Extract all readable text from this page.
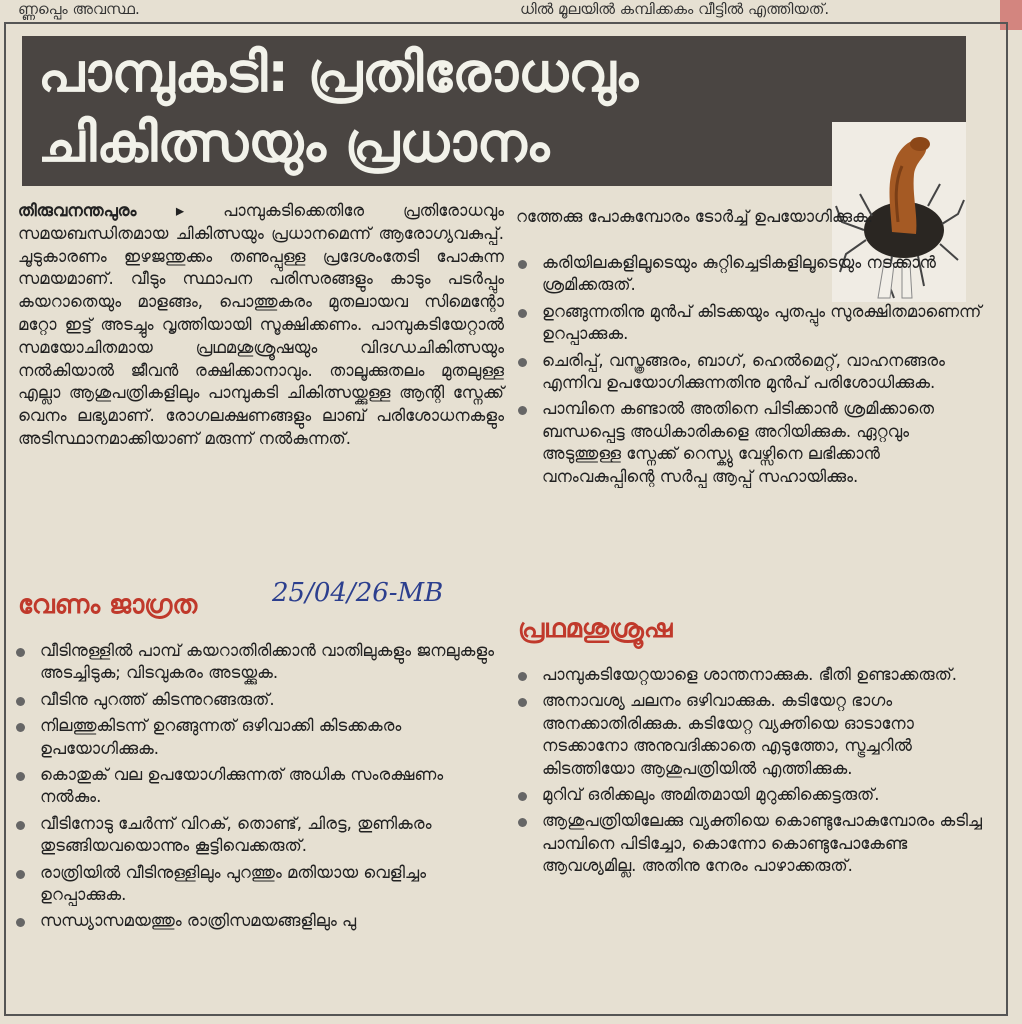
ണ്ണപ്പെം അവസ്ഥ.	ധിൽ മൂലയിൽ കമ്പിക്കകം വീട്ടിൽ എത്തിയത്.
പാമ്പുകടി: പ്രതിരോധവും
ചികിത്സയും പ്രധാനം

തിരുവനന്തപുരം ▸ പാമ്പുകടിക്കെതിരേ പ്രതിരോധവും സമയബന്ധിതമായ ചികിത്സയും പ്രധാനമെന്ന് ആരോഗ്യവകുപ്പ്. ചൂടുകാരണം ഇഴജന്തുക്കം തണുപ്പുള്ള പ്രദേശംതേടി പോകുന്ന സമയമാണ്. വീടും സ്ഥാപന പരിസരങ്ങളും കാടും പടർപ്പും കയറാതെയും മാളങ്ങം, പൊത്തുകരം മുതലായവ സിമെന്റോ മറ്റോ ഇട്ട് അടച്ചും വൃത്തിയായി സൂക്ഷിക്കണം. പാമ്പുകടിയേറ്റാൽ സമയോചിതമായ പ്രഥമശുശ്രൂഷയും വിദഗ്ധചികിത്സയും നൽകിയാൽ ജീവൻ രക്ഷിക്കാനാവും. താലൂക്കുതലം മുതലുള്ള എല്ലാ ആശുപത്രികളിലും പാമ്പുകടി ചികിത്സയ്ക്കുള്ള ആന്റി സ്നേക്ക് വെനം ലഭ്യമാണ്. രോഗലക്ഷണങ്ങളും ലാബ് പരിശോധനകളും അടിസ്ഥാനമാക്കിയാണ് മരുന്ന് നൽകുന്നത്.

വേണം ജാഗ്രത	25/04/26-MB
വീടിനുള്ളിൽ പാമ്പ് കയറാതിരിക്കാൻ വാതിലുകളും ജനലുകളും അടച്ചിടുക; വിടവുകരം അടയ്ക്കുക.
വീടിനു പുറത്ത് കിടന്നുറങ്ങരുത്.
നിലത്തുകിടന്ന് ഉറങ്ങുന്നത് ഒഴിവാക്കി കിടക്കകരം ഉപയോഗിക്കുക.
കൊതുക് വല ഉപയോഗിക്കുന്നത് അധിക സംരക്ഷണം നൽകും.
വീടിനോടു ചേർന്ന് വിറക്, തൊണ്ട്, ചിരട്ട, തുണികരം തുടങ്ങിയവയൊന്നും കൂട്ടിവെക്കരുത്.
രാത്രിയിൽ വീടിനുള്ളിലും പുറത്തും മതിയായ വെളിച്ചം ഉറപ്പാക്കുക.
സന്ധ്യാസമയത്തും രാത്രിസമയങ്ങളിലും പു

റത്തേക്കു പോകുമ്പോരം ടോർച്ച് ഉപയോഗിക്കുക.

കരിയിലകളിലൂടെയും കുറ്റിച്ചെടികളിലൂടെയും നടക്കാൻ ശ്രമിക്കരുത്.
ഉറങ്ങുന്നതിനു മുൻപ് കിടക്കയും പുതപ്പും സുരക്ഷിതമാണെന്ന് ഉറപ്പാക്കുക.
ചെരിപ്പ്, വസ്ത്രങ്ങരം, ബാഗ്, ഹെൽമെറ്റ്, വാഹനങ്ങരം എന്നിവ ഉപയോഗിക്കുന്നതിനു മുൻപ് പരിശോധിക്കുക.
പാമ്പിനെ കണ്ടാൽ അതിനെ പിടിക്കാൻ ശ്രമിക്കാതെ ബന്ധപ്പെട്ട അധികാരികളെ അറിയിക്കുക. ഏറ്റവും അടുത്തുള്ള സ്നേക്ക് റെസ്ക്യു വേഴ്സിനെ ലഭിക്കാൻ വനംവകുപ്പിന്റെ സർപ്പ ആപ്പ് സഹായിക്കും.
പ്രഥമശുശ്രൂഷ
പാമ്പുകടിയേറ്റയാളെ ശാന്തനാക്കുക. ഭീതി ഉണ്ടാക്കരുത്.
അനാവശ്യ ചലനം ഒഴിവാക്കുക. കടിയേറ്റ ഭാഗം അനക്കാതിരിക്കുക. കടിയേറ്റ വ്യക്തിയെ ഓടാനോ നടക്കാനോ അനുവദിക്കാതെ എടുത്തോ, സ്ട്രച്ചറിൽ കിടത്തിയോ ആശുപത്രിയിൽ എത്തിക്കുക.
മുറിവ് ഒരിക്കലും അമിതമായി മുറുക്കിക്കെട്ടരുത്.
ആശുപത്രിയിലേക്കു വ്യക്തിയെ കൊണ്ടുപോകുമ്പോരം കടിച്ച പാമ്പിനെ പിടിച്ചോ, കൊന്നോ കൊണ്ടുപോകേണ്ട ആവശ്യമില്ല. അതിനു നേരം പാഴാക്കരുത്.
